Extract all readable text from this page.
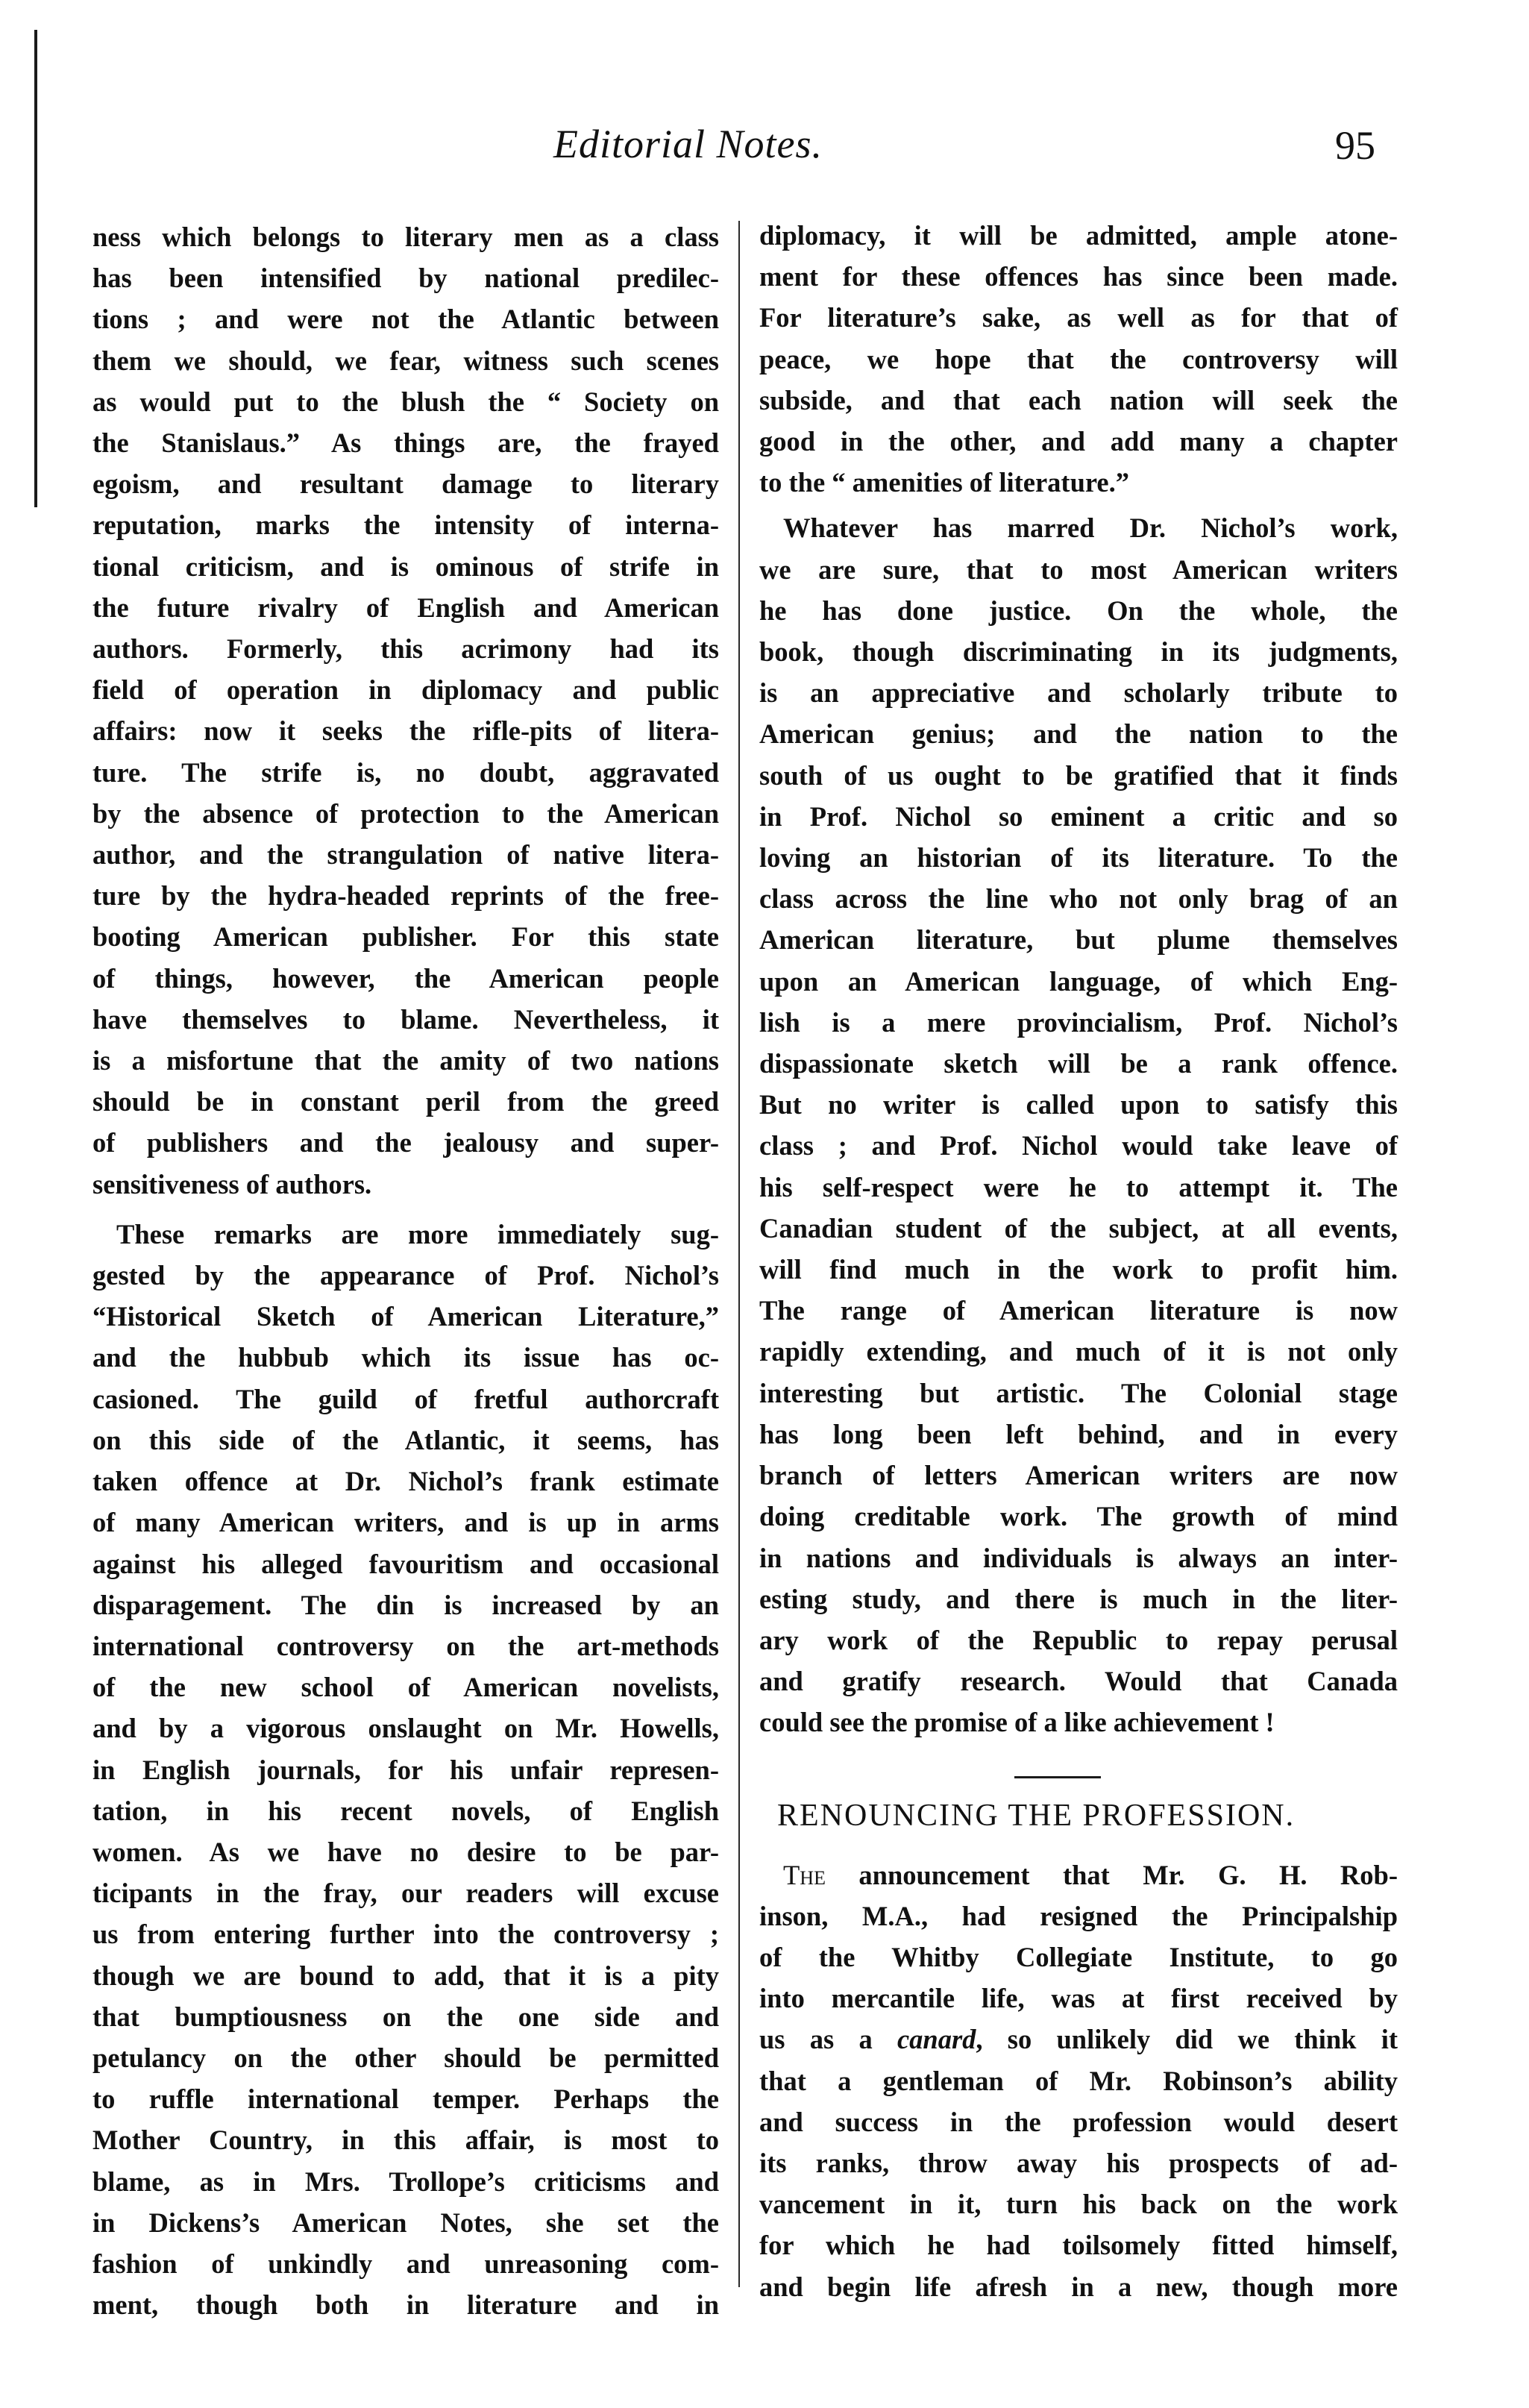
Editorial Notes.	95
ness which belongs to literary men as a class
has been intensified by national predilec-
tions ; and were not the Atlantic between
them we should, we fear, witness such scenes
as would put to the blush the “ Society on
the Stanislaus.” As things are, the frayed
egoism, and resultant damage to literary
reputation, marks the intensity of interna-
tional criticism, and is ominous of strife in
the future rivalry of English and American
authors. Formerly, this acrimony had its
field of operation in diplomacy and public
affairs: now it seeks the rifle-pits of litera-
ture. The strife is, no doubt, aggravated
by the absence of protection to the American
author, and the strangulation of native litera-
ture by the hydra-headed reprints of the free-
booting American publisher. For this state
of things, however, the American people
have themselves to blame. Nevertheless, it
is a misfortune that the amity of two nations
should be in constant peril from the greed
of publishers and the jealousy and super-
sensitiveness of authors.
These remarks are more immediately sug-
gested by the appearance of Prof. Nichol’s
“Historical Sketch of American Literature,”
and the hubbub which its issue has oc-
casioned. The guild of fretful authorcraft
on this side of the Atlantic, it seems, has
taken offence at Dr. Nichol’s frank estimate
of many American writers, and is up in arms
against his alleged favouritism and occasional
disparagement. The din is increased by an
international controversy on the art-methods
of the new school of American novelists,
and by a vigorous onslaught on Mr. Howells,
in English journals, for his unfair represen-
tation, in his recent novels, of English
women. As we have no desire to be par-
ticipants in the fray, our readers will excuse
us from entering further into the controversy ;
though we are bound to add, that it is a pity
that bumptiousness on the one side and
petulancy on the other should be permitted
to ruffle international temper. Perhaps the
Mother Country, in this affair, is most to
blame, as in Mrs. Trollope’s criticisms and
in Dickens’s American Notes, she set the
fashion of unkindly and unreasoning com-
ment, though both in literature and in
diplomacy, it will be admitted, ample atone-
ment for these offences has since been made.
For literature’s sake, as well as for that of
peace, we hope that the controversy will
subside, and that each nation will seek the
good in the other, and add many a chapter
to the “ amenities of literature.”
Whatever has marred Dr. Nichol’s work,
we are sure, that to most American writers
he has done justice. On the whole, the
book, though discriminating in its judgments,
is an appreciative and scholarly tribute to
American genius; and the nation to the
south of us ought to be gratified that it finds
in Prof. Nichol so eminent a critic and so
loving an historian of its literature. To the
class across the line who not only brag of an
American literature, but plume themselves
upon an American language, of which Eng-
lish is a mere provincialism, Prof. Nichol’s
dispassionate sketch will be a rank offence.
But no writer is called upon to satisfy this
class ; and Prof. Nichol would take leave of
his self-respect were he to attempt it. The
Canadian student of the subject, at all events,
will find much in the work to profit him.
The range of American literature is now
rapidly extending, and much of it is not only
interesting but artistic. The Colonial stage
has long been left behind, and in every
branch of letters American writers are now
doing creditable work. The growth of mind
in nations and individuals is always an inter-
esting study, and there is much in the liter-
ary work of the Republic to repay perusal
and gratify research. Would that Canada
could see the promise of a like achievement !
RENOUNCING THE PROFESSION.
The announcement that Mr. G. H. Rob-
inson, M.A., had resigned the Principalship
of the Whitby Collegiate Institute, to go
into mercantile life, was at first received by
us as a canard, so unlikely did we think it
that a gentleman of Mr. Robinson’s ability
and success in the profession would desert
its ranks, throw away his prospects of ad-
vancement in it, turn his back on the work
for which he had toilsomely fitted himself,
and begin life afresh in a new, though more
